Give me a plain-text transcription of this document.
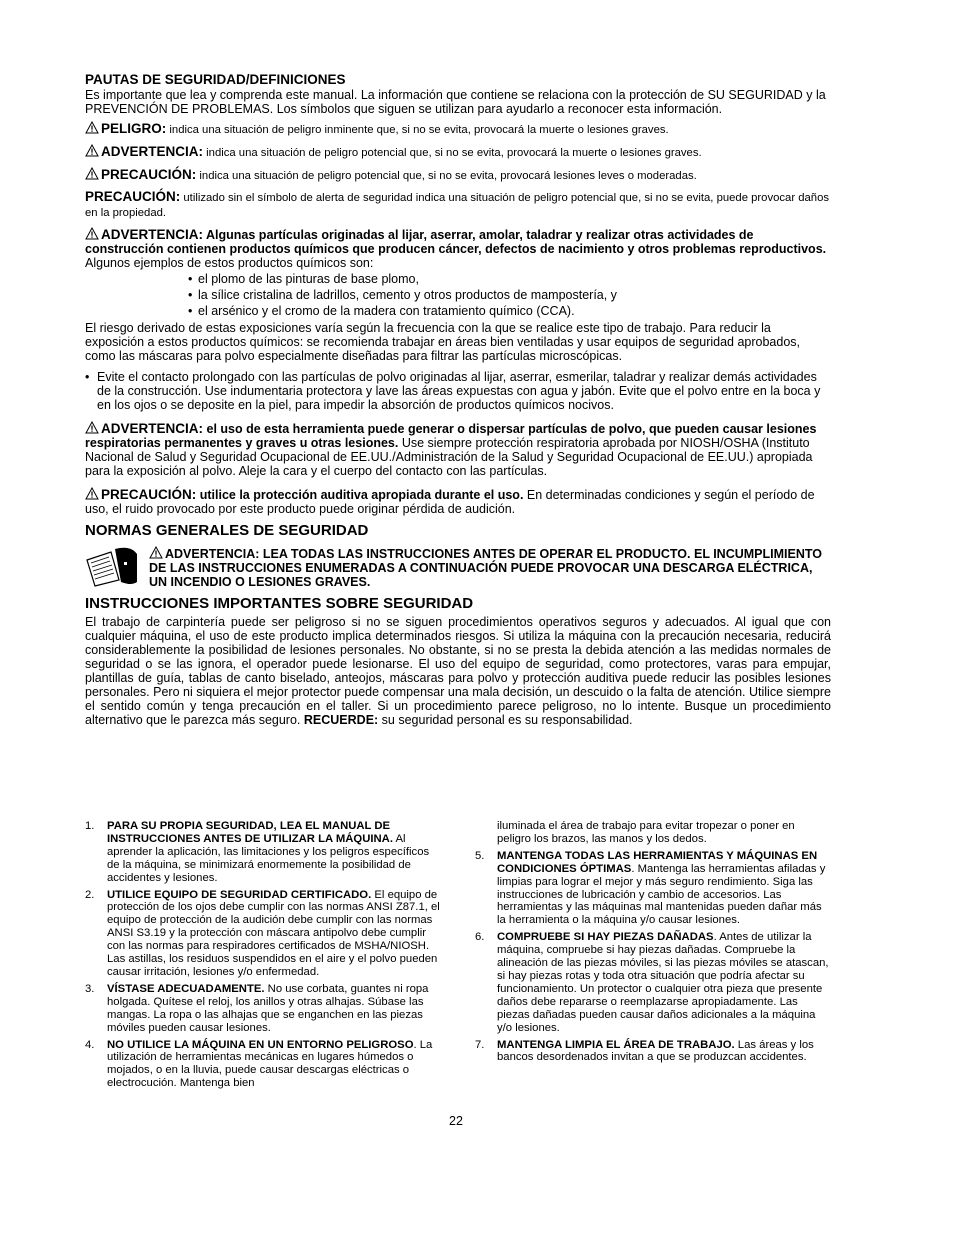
PAUTAS DE SEGURIDAD/DEFINICIONES

Es importante que lea y comprenda este manual. La información que contiene se relaciona con la protección de SU SEGURIDAD y la PREVENCIÓN DE PROBLEMAS. Los símbolos que siguen se utilizan para ayudarlo a reconocer esta información.

PELIGRO: indica una situación de peligro inminente que, si no se evita, provocará la muerte o lesiones graves.

ADVERTENCIA: indica una situación de peligro potencial que, si no se evita, provocará la muerte o lesiones graves.

PRECAUCIÓN: indica una situación de peligro potencial que, si no se evita, provocará lesiones leves o moderadas.

PRECAUCIÓN: utilizado sin el símbolo de alerta de seguridad indica una situación de peligro potencial que, si no se evita, puede provocar daños en la propiedad.

ADVERTENCIA: Algunas partículas originadas al lijar, aserrar, amolar, taladrar y realizar otras actividades de construcción contienen productos químicos que producen cáncer, defectos de nacimiento y otros problemas reproductivos. Algunos ejemplos de estos productos químicos son:

• el plomo de las pinturas de base plomo,

• la sílice cristalina de ladrillos, cemento y otros productos de mampostería, y

• el arsénico y el cromo de la madera con tratamiento químico (CCA).

El riesgo derivado de estas exposiciones varía según la frecuencia con la que se realice este tipo de trabajo. Para reducir la exposición a estos productos químicos: se recomienda trabajar en áreas bien ventiladas y usar equipos de seguridad aprobados, como las máscaras para polvo especialmente diseñadas para filtrar las partículas microscópicas.

• Evite el contacto prolongado con las partículas de polvo originadas al lijar, aserrar, esmerilar, taladrar y realizar demás actividades de la construcción. Use indumentaria protectora y lave las áreas expuestas con agua y jabón. Evite que el polvo entre en la boca y en los ojos o se deposite en la piel, para impedir la absorción de productos químicos nocivos.

ADVERTENCIA: el uso de esta herramienta puede generar o dispersar partículas de polvo, que pueden causar lesiones respiratorias permanentes y graves u otras lesiones. Use siempre protección respiratoria aprobada por NIOSH/OSHA (Instituto Nacional de Salud y Seguridad Ocupacional de EE.UU./Administración de la Salud y Seguridad Ocupacional de EE.UU.) apropiada para la exposición al polvo. Aleje la cara y el cuerpo del contacto con las partículas.

PRECAUCIÓN: utilice la protección auditiva apropiada durante el uso. En determinadas condiciones y según el período de uso, el ruido provocado por este producto puede originar pérdida de audición.

NORMAS GENERALES DE SEGURIDAD

ADVERTENCIA: LEA TODAS LAS INSTRUCCIONES ANTES DE OPERAR EL PRODUCTO. EL INCUMPLIMIENTO DE LAS INSTRUCCIONES ENUMERADAS A CONTINUACIÓN PUEDE PROVOCAR UNA DESCARGA ELÉCTRICA, UN INCENDIO O LESIONES GRAVES.

INSTRUCCIONES IMPORTANTES SOBRE SEGURIDAD

El trabajo de carpintería puede ser peligroso si no se siguen procedimientos operativos seguros y adecuados. Al igual que con cualquier máquina, el uso de este producto implica determinados riesgos. Si utiliza la máquina con la precaución necesaria, reducirá considerablemente la posibilidad de lesiones personales. No obstante, si no se presta la debida atención a las medidas normales de seguridad o se las ignora, el operador puede lesionarse. El uso del equipo de seguridad, como protectores, varas para empujar, plantillas de guía, tablas de canto biselado, anteojos, máscaras para polvo y protección auditiva puede reducir las posibles lesiones personales. Pero ni siquiera el mejor protector puede compensar una mala decisión, un descuido o la falta de atención. Utilice siempre el sentido común y tenga precaución en el taller. Si un procedimiento parece peligroso, no lo intente. Busque un procedimiento alternativo que le parezca más seguro. RECUERDE: su seguridad personal es su responsabilidad.

1. PARA SU PROPIA SEGURIDAD, LEA EL MANUAL DE INSTRUCCIONES ANTES DE UTILIZAR LA MÁQUINA. Al aprender la aplicación, las limitaciones y los peligros específicos de la máquina, se minimizará enormemente la posibilidad de accidentes y lesiones.
2. UTILICE EQUIPO DE SEGURIDAD CERTIFICADO. El equipo de protección de los ojos debe cumplir con las normas ANSI Z87.1, el equipo de protección de la audición debe cumplir con las normas ANSI S3.19 y la protección con máscara antipolvo debe cumplir con las normas para respiradores certificados de MSHA/NIOSH. Las astillas, los residuos suspendidos en el aire y el polvo pueden causar irritación, lesiones y/o enfermedad.
3. VÍSTASE ADECUADAMENTE. No use corbata, guantes ni ropa holgada. Quítese el reloj, los anillos y otras alhajas. Súbase las mangas. La ropa o las alhajas que se enganchen en las piezas móviles pueden causar lesiones.
4. NO UTILICE LA MÁQUINA EN UN ENTORNO PELIGROSO. La utilización de herramientas mecánicas en lugares húmedos o mojados, o en la lluvia, puede causar descargas eléctricas o electrocución. Mantenga bien
iluminada el área de trabajo para evitar tropezar o poner en peligro los brazos, las manos y los dedos.
5. MANTENGA TODAS LAS HERRAMIENTAS Y MÁQUINAS EN CONDICIONES ÓPTIMAS. Mantenga las herramientas afiladas y limpias para lograr el mejor y más seguro rendimiento. Siga las instrucciones de lubricación y cambio de accesorios. Las herramientas y las máquinas mal mantenidas pueden dañar más la herramienta o la máquina y/o causar lesiones.
6. COMPRUEBE SI HAY PIEZAS DAÑADAS. Antes de utilizar la máquina, compruebe si hay piezas dañadas. Compruebe la alineación de las piezas móviles, si las piezas móviles se atascan, si hay piezas rotas y toda otra situación que podría afectar su funcionamiento. Un protector o cualquier otra pieza que presente daños debe repararse o reemplazarse apropiadamente. Las piezas dañadas pueden causar daños adicionales a la máquina y/o lesiones.
7. MANTENGA LIMPIA EL ÁREA DE TRABAJO. Las áreas y los bancos desordenados invitan a que se produzcan accidentes.
22
